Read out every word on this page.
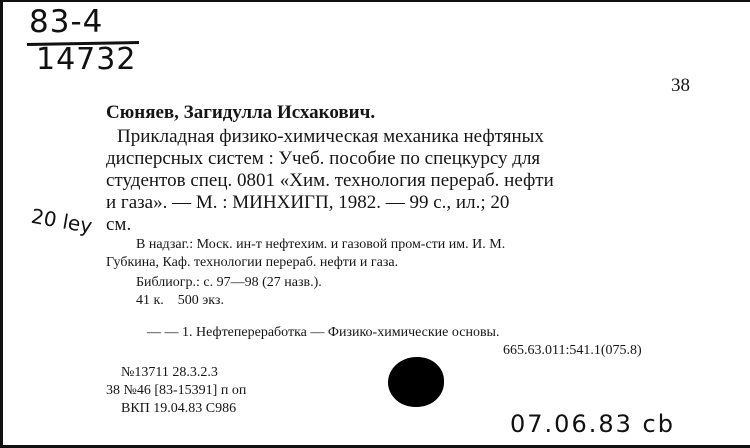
83-4
14732
38
Сюняев, Загидулла Исхакович.
Прикладная физико-химическая механика нефтяных
дисперсных систем : Учеб. пособие по спецкурсу для
студентов спец. 0801 «Хим. технология перераб. нефти
и газа». — М. : МИНХИГП, 1982. — 99 с., ил.; 20
см.
20 ley
В надзаг.: Моск. ин-т нефтехим. и газовой пром-сти им. И. М.
Губкина, Каф. технологии перераб. нефти и газа.
Библиогр.: с. 97—98 (27 назв.).
41 к.    500 экз.
— — 1. Нефтепереработка — Физико-химические основы.
665.63.011:541.1(075.8)
№13711 28.3.2.3
38 №46 [83-15391] п оп
ВКП 19.04.83 С986
07.06.83 cb
